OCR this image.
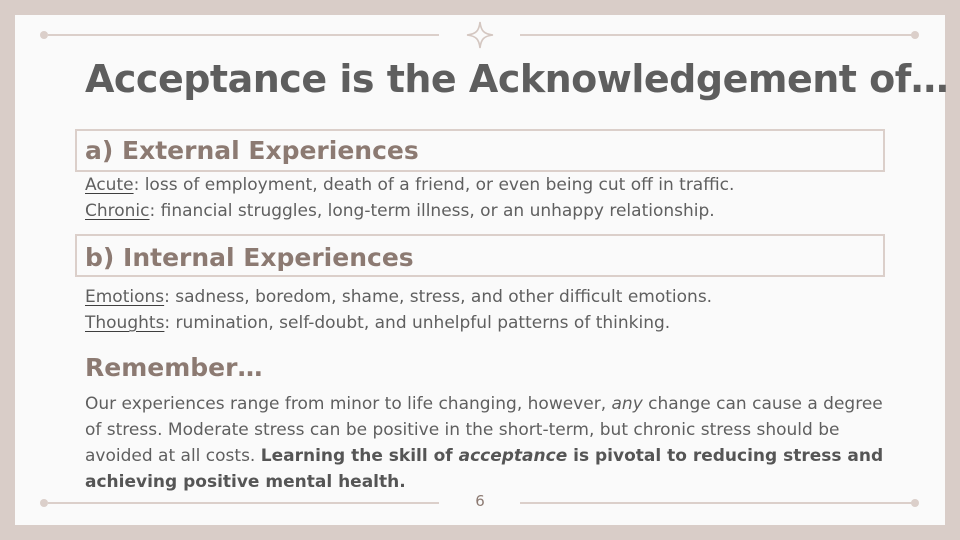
Acceptance is the Acknowledgement of…
a) External Experiences

Acute: loss of employment, death of a friend, or even being cut off in traffic.

Chronic: financial struggles, long-term illness, or an unhappy relationship.

b) Internal Experiences

Emotions: sadness, boredom, shame, stress, and other difficult emotions.

Thoughts: rumination, self-doubt, and unhelpful patterns of thinking.

Remember…

Our experiences range from minor to life changing, however, any change can cause a degree of stress. Moderate stress can be positive in the short-term, but chronic stress should be avoided at all costs. Learning the skill of acceptance is pivotal to reducing stress and achieving positive mental health.

6
